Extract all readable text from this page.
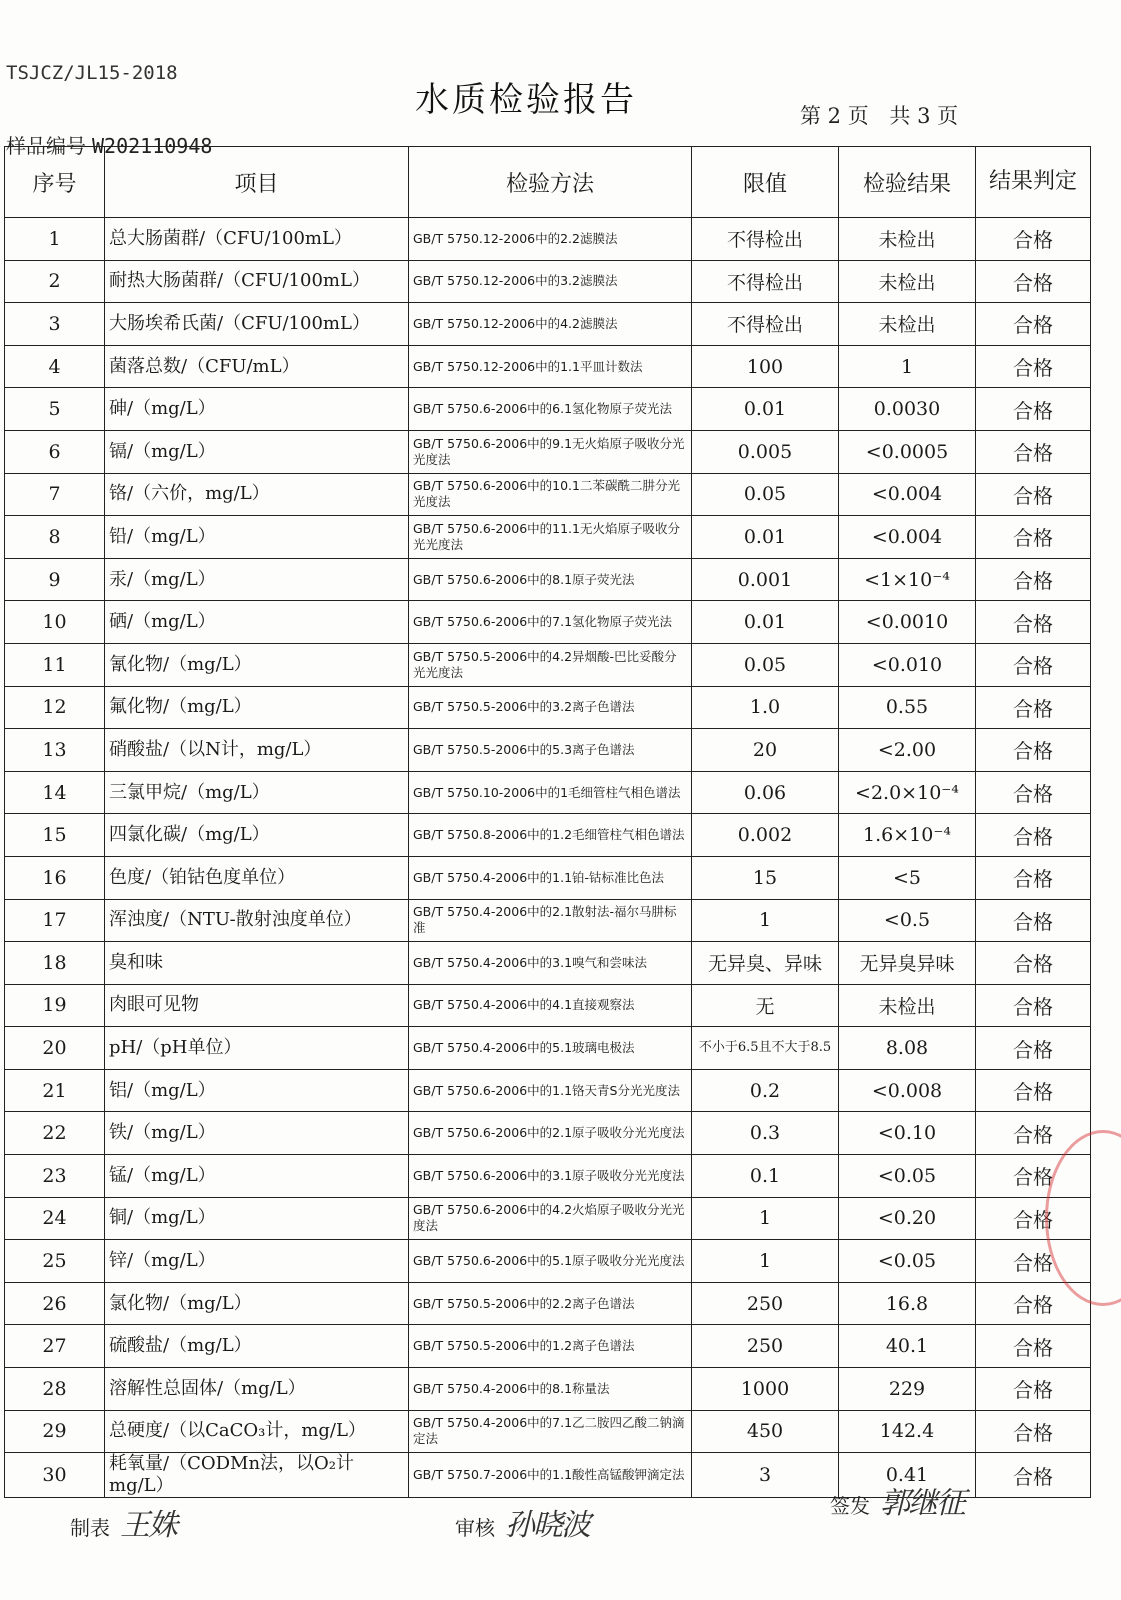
TSJCZ/JL15-2018
水质检验报告	第 2 页 共 3 页
样品编号 W202110948
序号	项目	检验方法	限值	检验结果	结果判定
1	总大肠菌群/（CFU/100mL）	GB/T 5750.12-2006中的2.2滤膜法	不得检出	未检出	合格
2	耐热大肠菌群/（CFU/100mL）	GB/T 5750.12-2006中的3.2滤膜法	不得检出	未检出	合格
3	大肠埃希氏菌/（CFU/100mL）	GB/T 5750.12-2006中的4.2滤膜法	不得检出	未检出	合格
4	菌落总数/（CFU/mL）	GB/T 5750.12-2006中的1.1平皿计数法	100	1	合格
5	砷/（mg/L）	GB/T 5750.6-2006中的6.1氢化物原子荧光法	0.01	0.0030	合格
6	镉/（mg/L）	GB/T 5750.6-2006中的9.1无火焰原子吸收分光光度法	0.005	<0.0005	合格
7	铬/（六价，mg/L）	GB/T 5750.6-2006中的10.1二苯碳酰二肼分光光度法	0.05	<0.004	合格
8	铅/（mg/L）	GB/T 5750.6-2006中的11.1无火焰原子吸收分光光度法	0.01	<0.004	合格
9	汞/（mg/L）	GB/T 5750.6-2006中的8.1原子荧光法	0.001	<1×10⁻⁴	合格
10	硒/（mg/L）	GB/T 5750.6-2006中的7.1氢化物原子荧光法	0.01	<0.0010	合格
11	氰化物/（mg/L）	GB/T 5750.5-2006中的4.2异烟酸-巴比妥酸分光光度法	0.05	<0.010	合格
12	氟化物/（mg/L）	GB/T 5750.5-2006中的3.2离子色谱法	1.0	0.55	合格
13	硝酸盐/（以N计，mg/L）	GB/T 5750.5-2006中的5.3离子色谱法	20	<2.00	合格
14	三氯甲烷/（mg/L）	GB/T 5750.10-2006中的1毛细管柱气相色谱法	0.06	<2.0×10⁻⁴	合格
15	四氯化碳/（mg/L）	GB/T 5750.8-2006中的1.2毛细管柱气相色谱法	0.002	1.6×10⁻⁴	合格
16	色度/（铂钴色度单位）	GB/T 5750.4-2006中的1.1铂-钴标准比色法	15	<5	合格
17	浑浊度/（NTU-散射浊度单位）	GB/T 5750.4-2006中的2.1散射法-福尔马肼标准	1	<0.5	合格
18	臭和味	GB/T 5750.4-2006中的3.1嗅气和尝味法	无异臭、异味	无异臭异味	合格
19	肉眼可见物	GB/T 5750.4-2006中的4.1直接观察法	无	未检出	合格
20	pH/（pH单位）	GB/T 5750.4-2006中的5.1玻璃电极法	不小于6.5且不大于8.5	8.08	合格
21	铝/（mg/L）	GB/T 5750.6-2006中的1.1铬天青S分光光度法	0.2	<0.008	合格
22	铁/（mg/L）	GB/T 5750.6-2006中的2.1原子吸收分光光度法	0.3	<0.10	合格
23	锰/（mg/L）	GB/T 5750.6-2006中的3.1原子吸收分光光度法	0.1	<0.05	合格
24	铜/（mg/L）	GB/T 5750.6-2006中的4.2火焰原子吸收分光光度法	1	<0.20	合格
25	锌/（mg/L）	GB/T 5750.6-2006中的5.1原子吸收分光光度法	1	<0.05	合格
26	氯化物/（mg/L）	GB/T 5750.5-2006中的2.2离子色谱法	250	16.8	合格
27	硫酸盐/（mg/L）	GB/T 5750.5-2006中的1.2离子色谱法	250	40.1	合格
28	溶解性总固体/（mg/L）	GB/T 5750.4-2006中的8.1称量法	1000	229	合格
29	总硬度/（以CaCO₃计，mg/L）	GB/T 5750.4-2006中的7.1乙二胺四乙酸二钠滴定法	450	142.4	合格
30	耗氧量/（CODMn法，以O₂计mg/L）	GB/T 5750.7-2006中的1.1酸性高锰酸钾滴定法	3	0.41	合格
制表 王姝	审核 孙晓波
签发 郭继征
